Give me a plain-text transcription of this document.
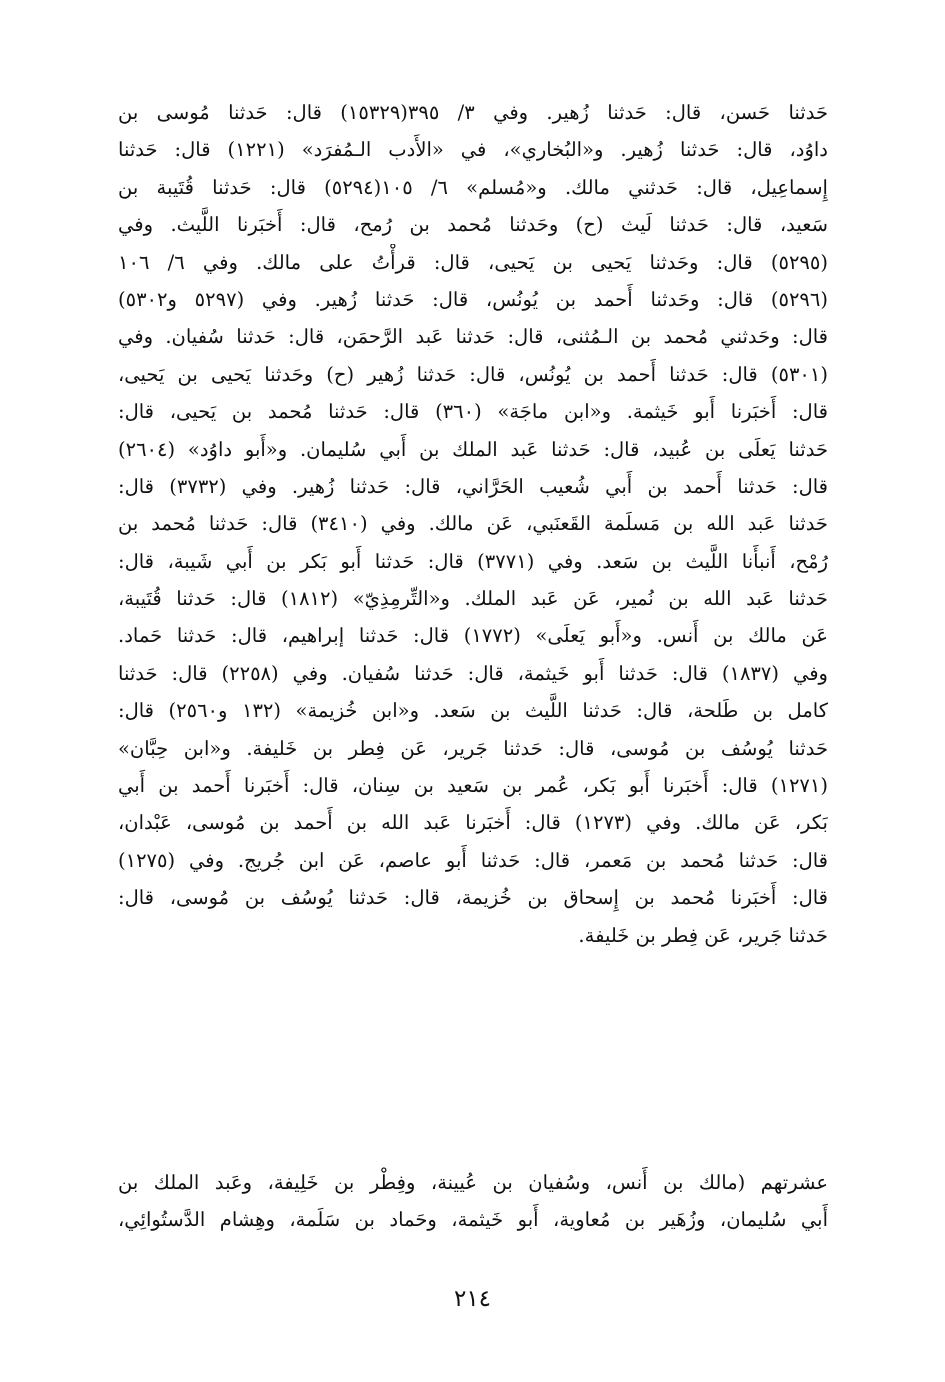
حَدثنا حَسن، قال: حَدثنا زُهير. وفي ٣/ ٣٩٥(١٥٣٢٩) قال: حَدثنا مُوسى بن
داوُد، قال: حَدثنا زُهير. و«البُخاري»، في «الأَدب الـمُفرَد» (١٢٢١) قال: حَدثنا
إِسماعِيل، قال: حَدثني مالك. و«مُسلم» ٦/ ١٠٥(٥٢٩٤) قال: حَدثنا قُتَيبة بن
سَعيد، قال: حَدثنا لَيث (ح) وحَدثنا مُحمد بن رُمح، قال: أَخبَرنا اللَّيث. وفي
(٥٢٩٥) قال: وحَدثنا يَحيى بن يَحيى، قال: قرأْتُ على مالك. وفي ٦/ ١٠٦
(٥٢٩٦) قال: وحَدثنا أَحمد بن يُونُس، قال: حَدثنا زُهير. وفي (٥٢٩٧ و٥٣٠٢)
قال: وحَدثني مُحمد بن الـمُثنى، قال: حَدثنا عَبد الرَّحمَن، قال: حَدثنا سُفيان. وفي
(٥٣٠١) قال: حَدثنا أَحمد بن يُونُس، قال: حَدثنا زُهير (ح) وحَدثنا يَحيى بن يَحيى،
قال: أَخبَرنا أَبو خَيثمة. و«ابن ماجَة» (٣٦٠) قال: حَدثنا مُحمد بن يَحيى، قال:
حَدثنا يَعلَى بن عُبيد، قال: حَدثنا عَبد الملك بن أَبي سُليمان. و«أَبو داوُد» (٢٦٠٤)
قال: حَدثنا أَحمد بن أَبي شُعيب الحَرَّاني، قال: حَدثنا زُهير. وفي (٣٧٣٢) قال:
حَدثنا عَبد الله بن مَسلَمة القَعنَبي، عَن مالك. وفي (٣٤١٠) قال: حَدثنا مُحمد بن
رُمْح، أَنبأَنا اللَّيث بن سَعد. وفي (٣٧٧١) قال: حَدثنا أَبو بَكر بن أَبي شَيبة، قال:
حَدثنا عَبد الله بن نُمير، عَن عَبد الملك. و«التِّرمِذِيّ» (١٨١٢) قال: حَدثنا قُتَيبة،
عَن مالك بن أَنس. و«أَبو يَعلَى» (١٧٧٢) قال: حَدثنا إبراهيم، قال: حَدثنا حَماد.
وفي (١٨٣٧) قال: حَدثنا أَبو خَيثمة، قال: حَدثنا سُفيان. وفي (٢٢٥٨) قال: حَدثنا
كامل بن طَلحة، قال: حَدثنا اللَّيث بن سَعد. و«ابن خُزيمة» (١٣٢ و٢٥٦٠) قال:
حَدثنا يُوسُف بن مُوسى، قال: حَدثنا جَرير، عَن فِطر بن خَليفة. و«ابن حِبَّان»
(١٢٧١) قال: أَخبَرنا أَبو بَكر، عُمر بن سَعيد بن سِنان، قال: أَخبَرنا أَحمد بن أَبي
بَكر، عَن مالك. وفي (١٢٧٣) قال: أَخبَرنا عَبد الله بن أَحمد بن مُوسى، عَبْدان،
قال: حَدثنا مُحمد بن مَعمر، قال: حَدثنا أَبو عاصم، عَن ابن جُريج. وفي (١٢٧٥)
قال: أَخبَرنا مُحمد بن إِسحاق بن خُزيمة، قال: حَدثنا يُوسُف بن مُوسى، قال:
حَدثنا جَرير، عَن فِطر بن خَليفة.
عشرتهم (مالك بن أَنس، وسُفيان بن عُيينة، وفِطْر بن خَلِيفة، وعَبد الملك بن
أَبي سُليمان، وزُهَير بن مُعاوية، أَبو خَيثمة، وحَماد بن سَلَمة، وهِشام الدَّستُوائِي،
٢١٤
